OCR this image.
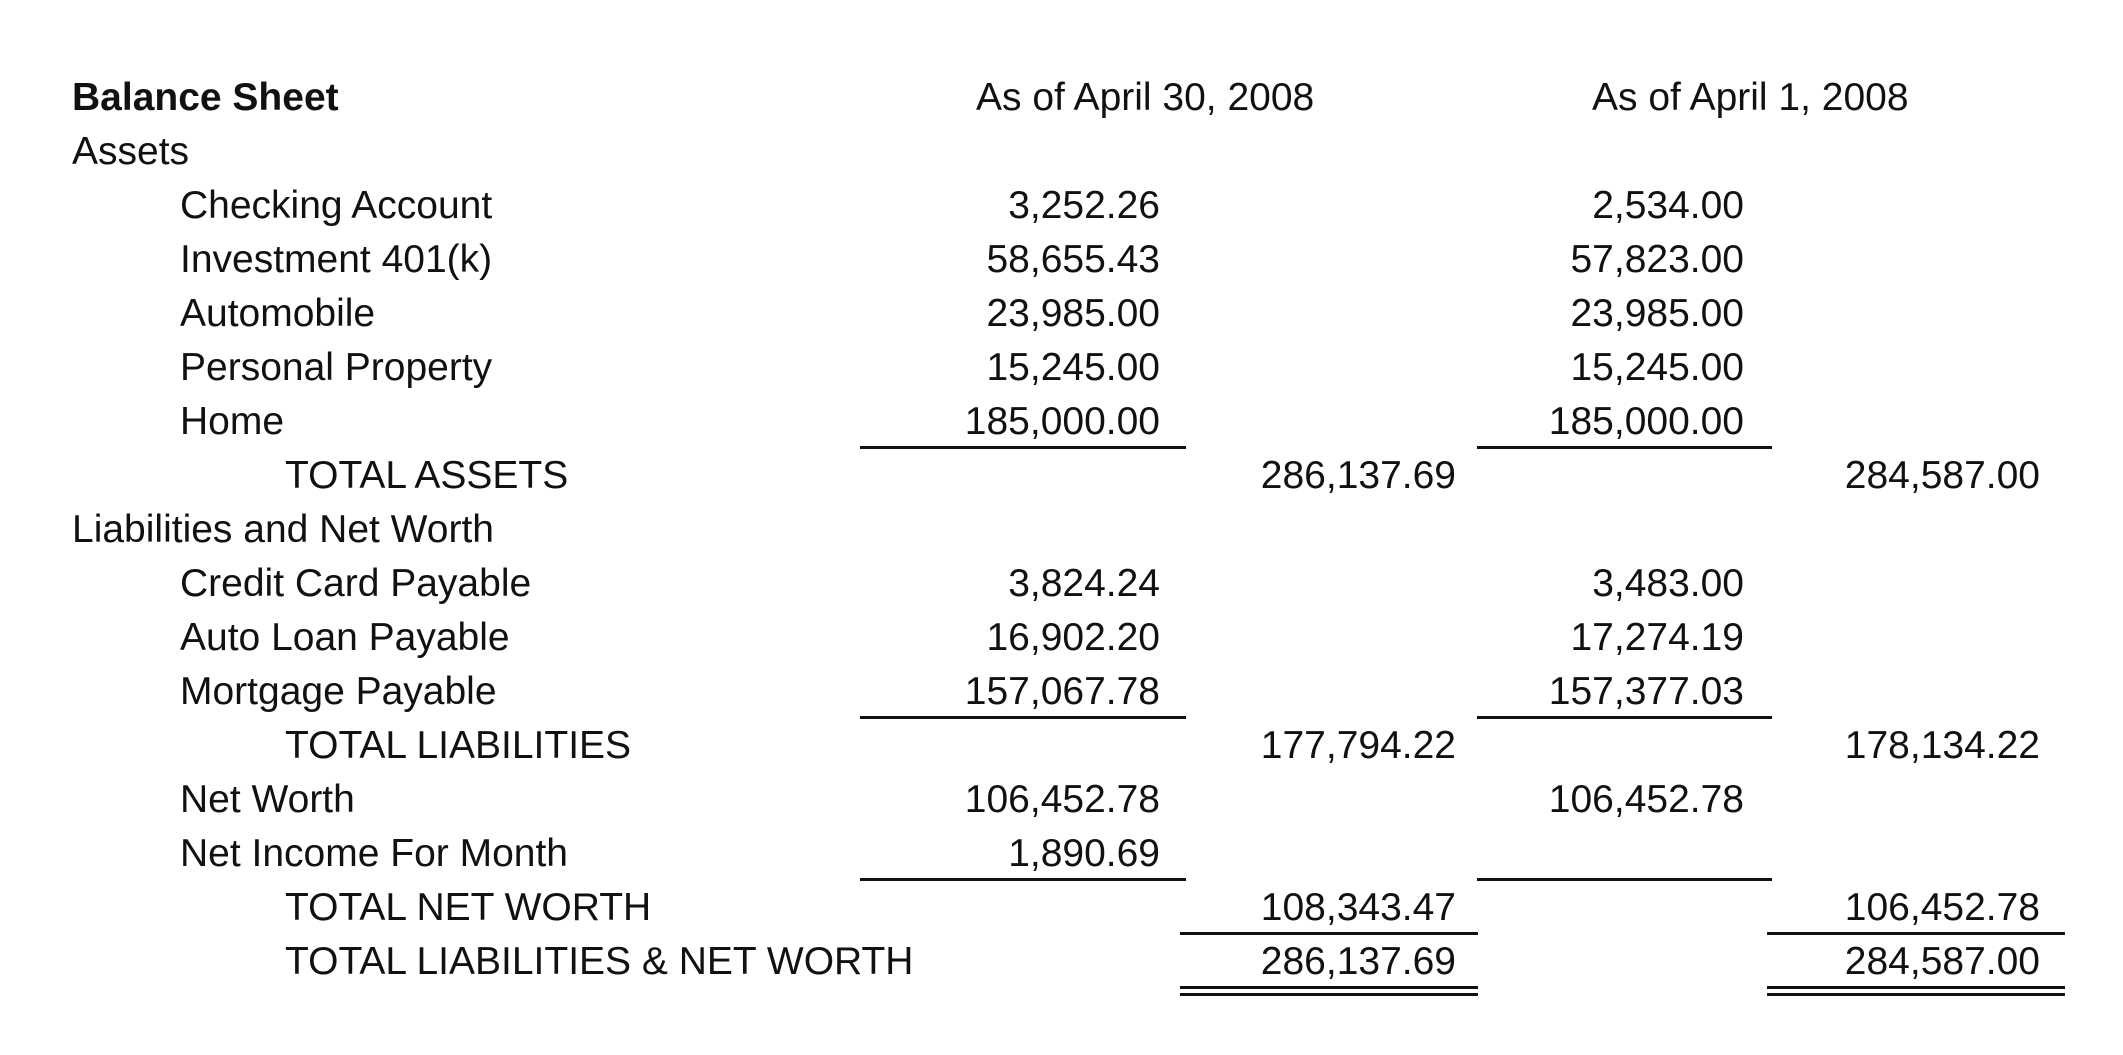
Balance Sheet	As of April 30, 2008	As of April 1, 2008
Assets
Checking Account	3,252.26	2,534.00
Investment 401(k)	58,655.43	57,823.00
Automobile	23,985.00	23,985.00
Personal Property	15,245.00	15,245.00
Home	185,000.00	185,000.00
TOTAL ASSETS	286,137.69	284,587.00
Liabilities and Net Worth
Credit Card Payable	3,824.24	3,483.00
Auto Loan Payable	16,902.20	17,274.19
Mortgage Payable	157,067.78	157,377.03
TOTAL LIABILITIES	177,794.22	178,134.22
Net Worth	106,452.78	106,452.78
Net Income For Month	1,890.69
TOTAL NET WORTH	108,343.47	106,452.78
TOTAL LIABILITIES & NET WORTH	286,137.69	284,587.00
